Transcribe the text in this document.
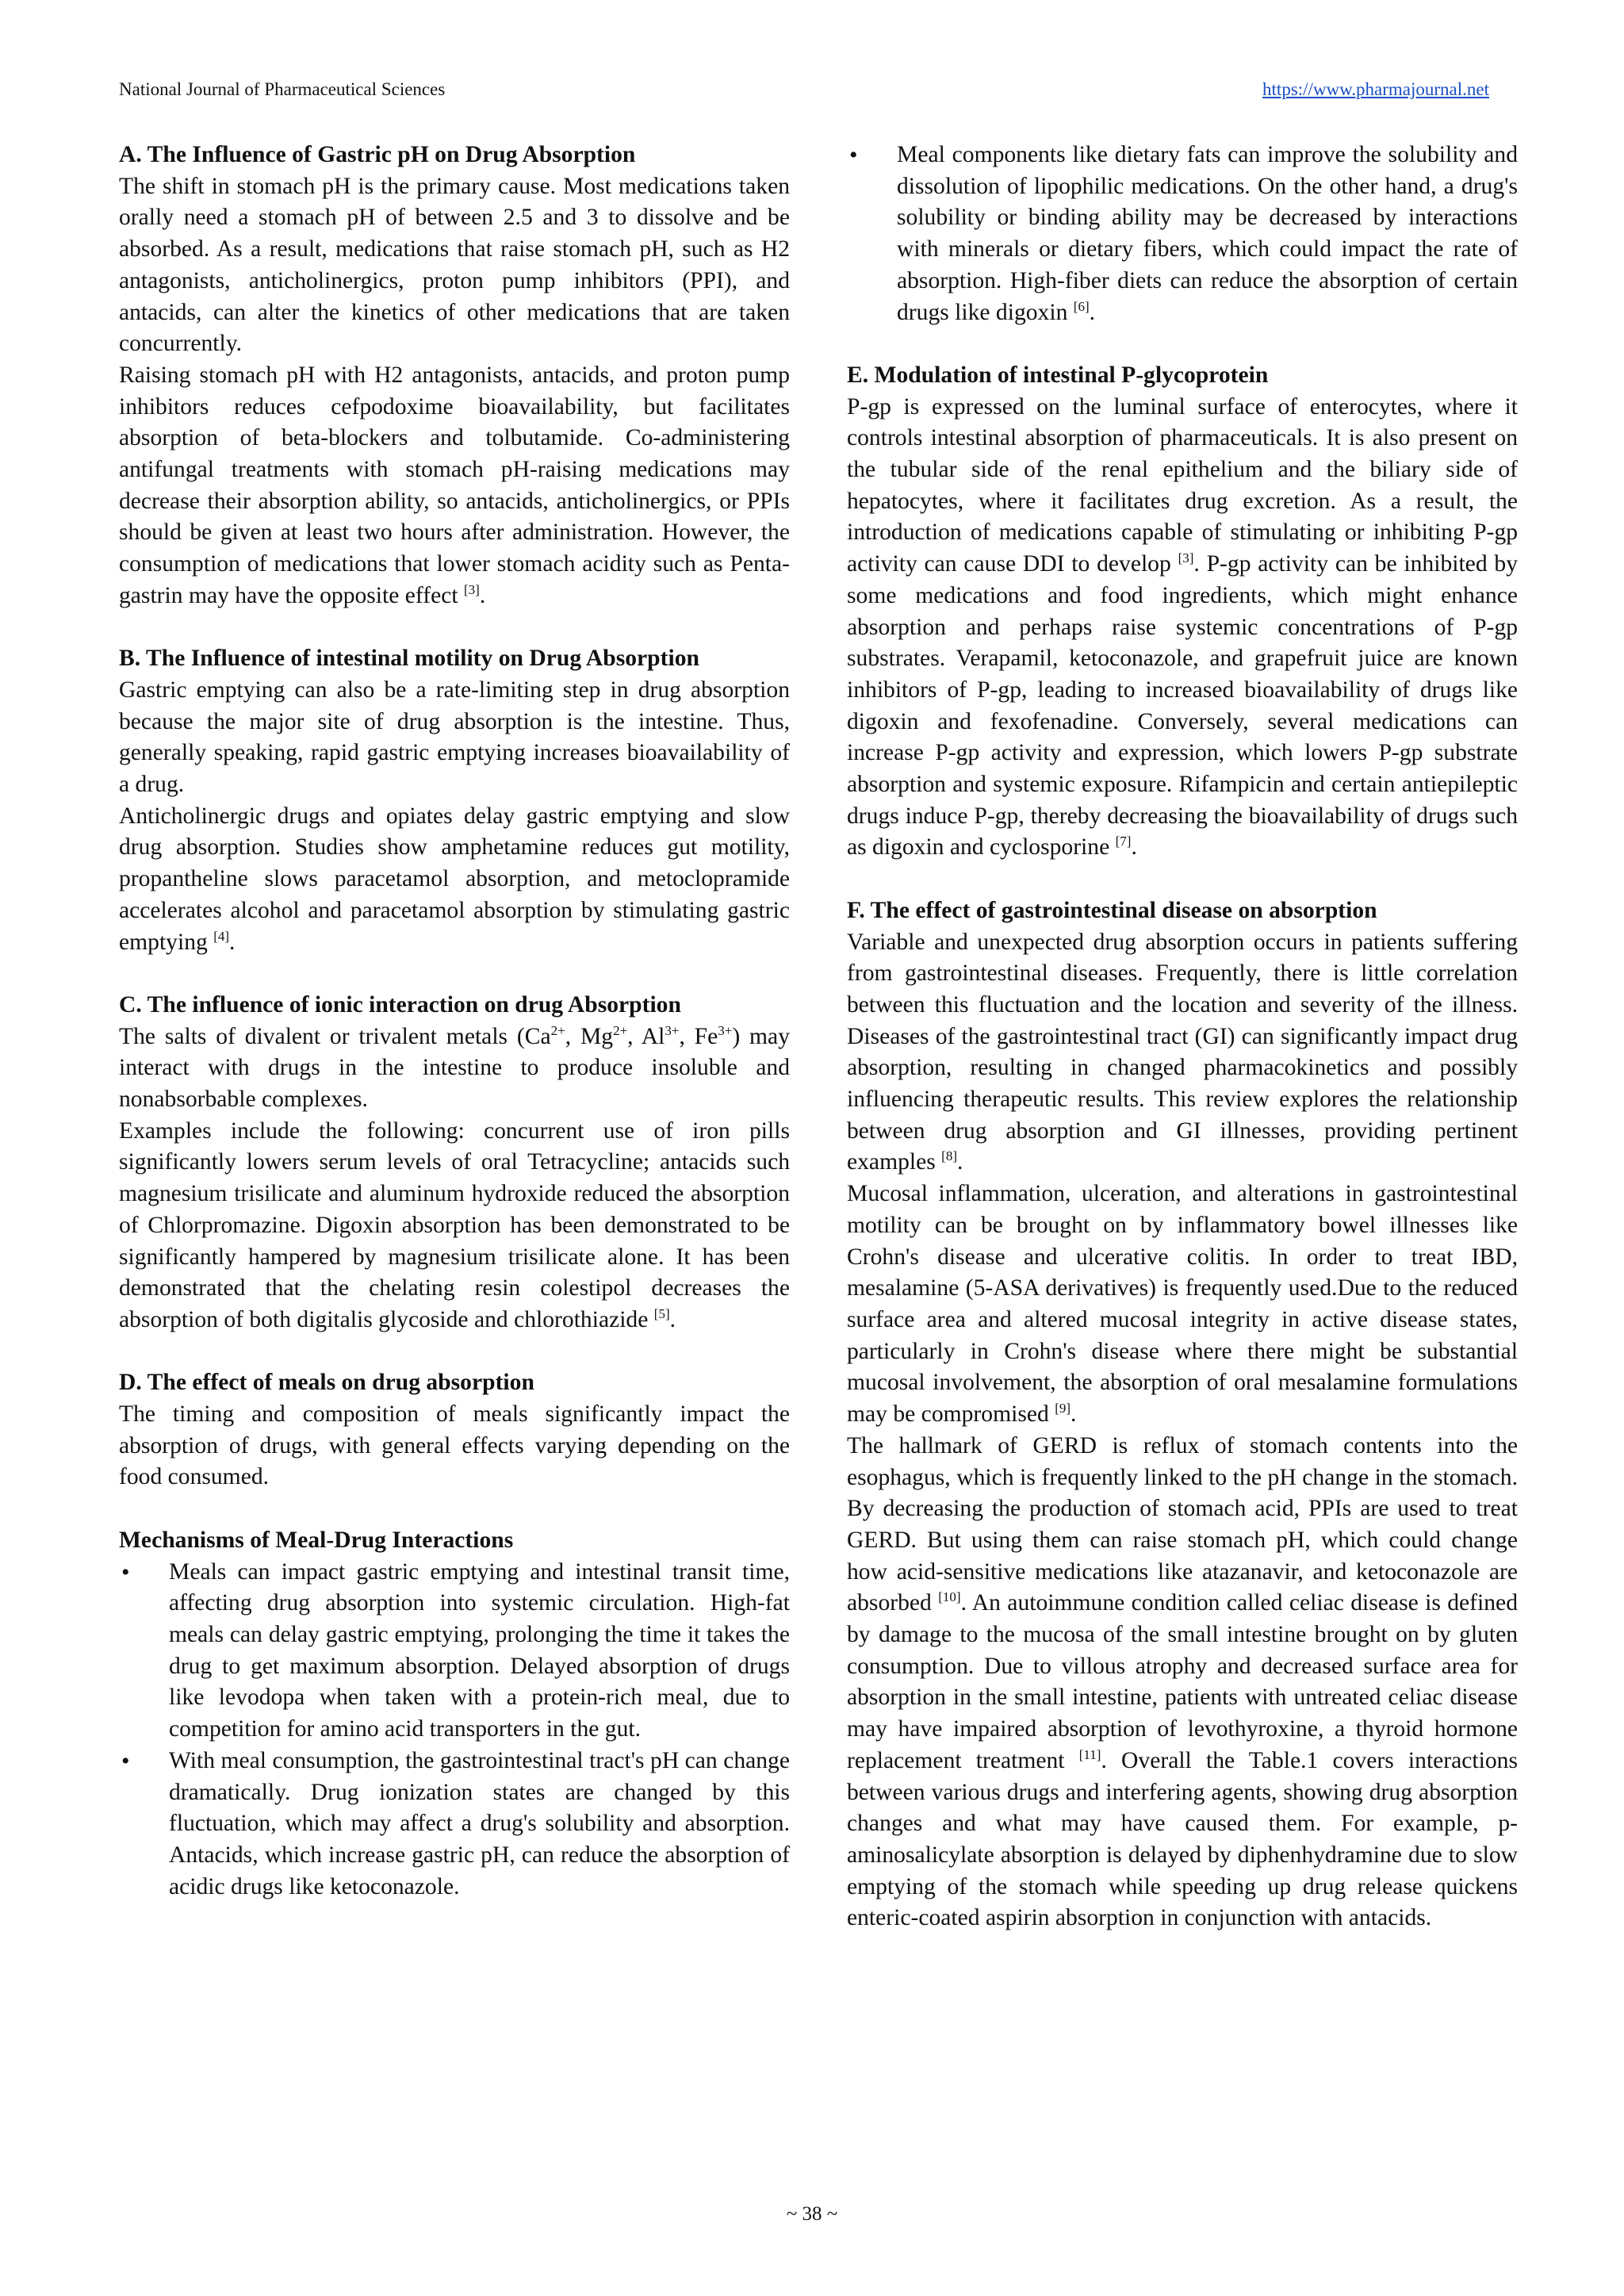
National Journal of Pharmaceutical Sciences	https://www.pharmajournal.net
A. The Influence of Gastric pH on Drug Absorption

The shift in stomach pH is the primary cause. Most medications taken orally need a stomach pH of between 2.5 and 3 to dissolve and be absorbed. As a result, medications that raise stomach pH, such as H2 antagonists, anticholinergics, proton pump inhibitors (PPI), and antacids, can alter the kinetics of other medications that are taken concurrently.

Raising stomach pH with H2 antagonists, antacids, and proton pump inhibitors reduces cefpodoxime bioavailability, but facilitates absorption of beta-blockers and tolbutamide. Co-administering antifungal treatments with stomach pH-raising medications may decrease their absorption ability, so antacids, anticholinergics, or PPIs should be given at least two hours after administration. However, the consumption of medications that lower stomach acidity such as Penta-gastrin may have the opposite effect [3].

B. The Influence of intestinal motility on Drug Absorption

Gastric emptying can also be a rate-limiting step in drug absorption because the major site of drug absorption is the intestine. Thus, generally speaking, rapid gastric emptying increases bioavailability of a drug.

Anticholinergic drugs and opiates delay gastric emptying and slow drug absorption. Studies show amphetamine reduces gut motility, propantheline slows paracetamol absorption, and metoclopramide accelerates alcohol and paracetamol absorption by stimulating gastric emptying [4].

C. The influence of ionic interaction on drug Absorption

The salts of divalent or trivalent metals ($Ca^{2+}$, $Mg^{2+}$, $Al^{3+}$, $Fe^{3+}$) may interact with drugs in the intestine to produce insoluble and nonabsorbable complexes.

Examples include the following: concurrent use of iron pills significantly lowers serum levels of oral Tetracycline; antacids such magnesium trisilicate and aluminum hydroxide reduced the absorption of Chlorpromazine. Digoxin absorption has been demonstrated to be significantly hampered by magnesium trisilicate alone. It has been demonstrated that the chelating resin colestipol decreases the absorption of both digitalis glycoside and chlorothiazide [5].

D. The effect of meals on drug absorption

The timing and composition of meals significantly impact the absorption of drugs, with general effects varying depending on the food consumed.

Mechanisms of Meal-Drug Interactions
• Meals can impact gastric emptying and intestinal transit time, affecting drug absorption into systemic circulation. High-fat meals can delay gastric emptying, prolonging the time it takes the drug to get maximum absorption. Delayed absorption of drugs like levodopa when taken with a protein-rich meal, due to competition for amino acid transporters in the gut.
• With meal consumption, the gastrointestinal tract's pH can change dramatically. Drug ionization states are changed by this fluctuation, which may affect a drug's solubility and absorption. Antacids, which increase gastric pH, can reduce the absorption of acidic drugs like ketoconazole.
• Meal components like dietary fats can improve the solubility and dissolution of lipophilic medications. On the other hand, a drug's solubility or binding ability may be decreased by interactions with minerals or dietary fibers, which could impact the rate of absorption. High-fiber diets can reduce the absorption of certain drugs like digoxin [6].
E. Modulation of intestinal P-glycoprotein

P-gp is expressed on the luminal surface of enterocytes, where it controls intestinal absorption of pharmaceuticals. It is also present on the tubular side of the renal epithelium and the biliary side of hepatocytes, where it facilitates drug excretion. As a result, the introduction of medications capable of stimulating or inhibiting P-gp activity can cause DDI to develop [3]. P-gp activity can be inhibited by some medications and food ingredients, which might enhance absorption and perhaps raise systemic concentrations of P-gp substrates. Verapamil, ketoconazole, and grapefruit juice are known inhibitors of P-gp, leading to increased bioavailability of drugs like digoxin and fexofenadine. Conversely, several medications can increase P-gp activity and expression, which lowers P-gp substrate absorption and systemic exposure. Rifampicin and certain antiepileptic drugs induce P-gp, thereby decreasing the bioavailability of drugs such as digoxin and cyclosporine [7].

F. The effect of gastrointestinal disease on absorption

Variable and unexpected drug absorption occurs in patients suffering from gastrointestinal diseases. Frequently, there is little correlation between this fluctuation and the location and severity of the illness. Diseases of the gastrointestinal tract (GI) can significantly impact drug absorption, resulting in changed pharmacokinetics and possibly influencing therapeutic results. This review explores the relationship between drug absorption and GI illnesses, providing pertinent examples [8].

Mucosal inflammation, ulceration, and alterations in gastrointestinal motility can be brought on by inflammatory bowel illnesses like Crohn's disease and ulcerative colitis. In order to treat IBD, mesalamine (5-ASA derivatives) is frequently used.Due to the reduced surface area and altered mucosal integrity in active disease states, particularly in Crohn's disease where there might be substantial mucosal involvement, the absorption of oral mesalamine formulations may be compromised [9].

The hallmark of GERD is reflux of stomach contents into the esophagus, which is frequently linked to the pH change in the stomach. By decreasing the production of stomach acid, PPIs are used to treat GERD. But using them can raise stomach pH, which could change how acid-sensitive medications like atazanavir, and ketoconazole are absorbed [10]. An autoimmune condition called celiac disease is defined by damage to the mucosa of the small intestine brought on by gluten consumption. Due to villous atrophy and decreased surface area for absorption in the small intestine, patients with untreated celiac disease may have impaired absorption of levothyroxine, a thyroid hormone replacement treatment [11]. Overall the Table.1 covers interactions between various drugs and interfering agents, showing drug absorption changes and what may have caused them. For example, p-aminosalicylate absorption is delayed by diphenhydramine due to slow emptying of the stomach while speeding up drug release quickens enteric-coated aspirin absorption in conjunction with antacids.

~ 38 ~
